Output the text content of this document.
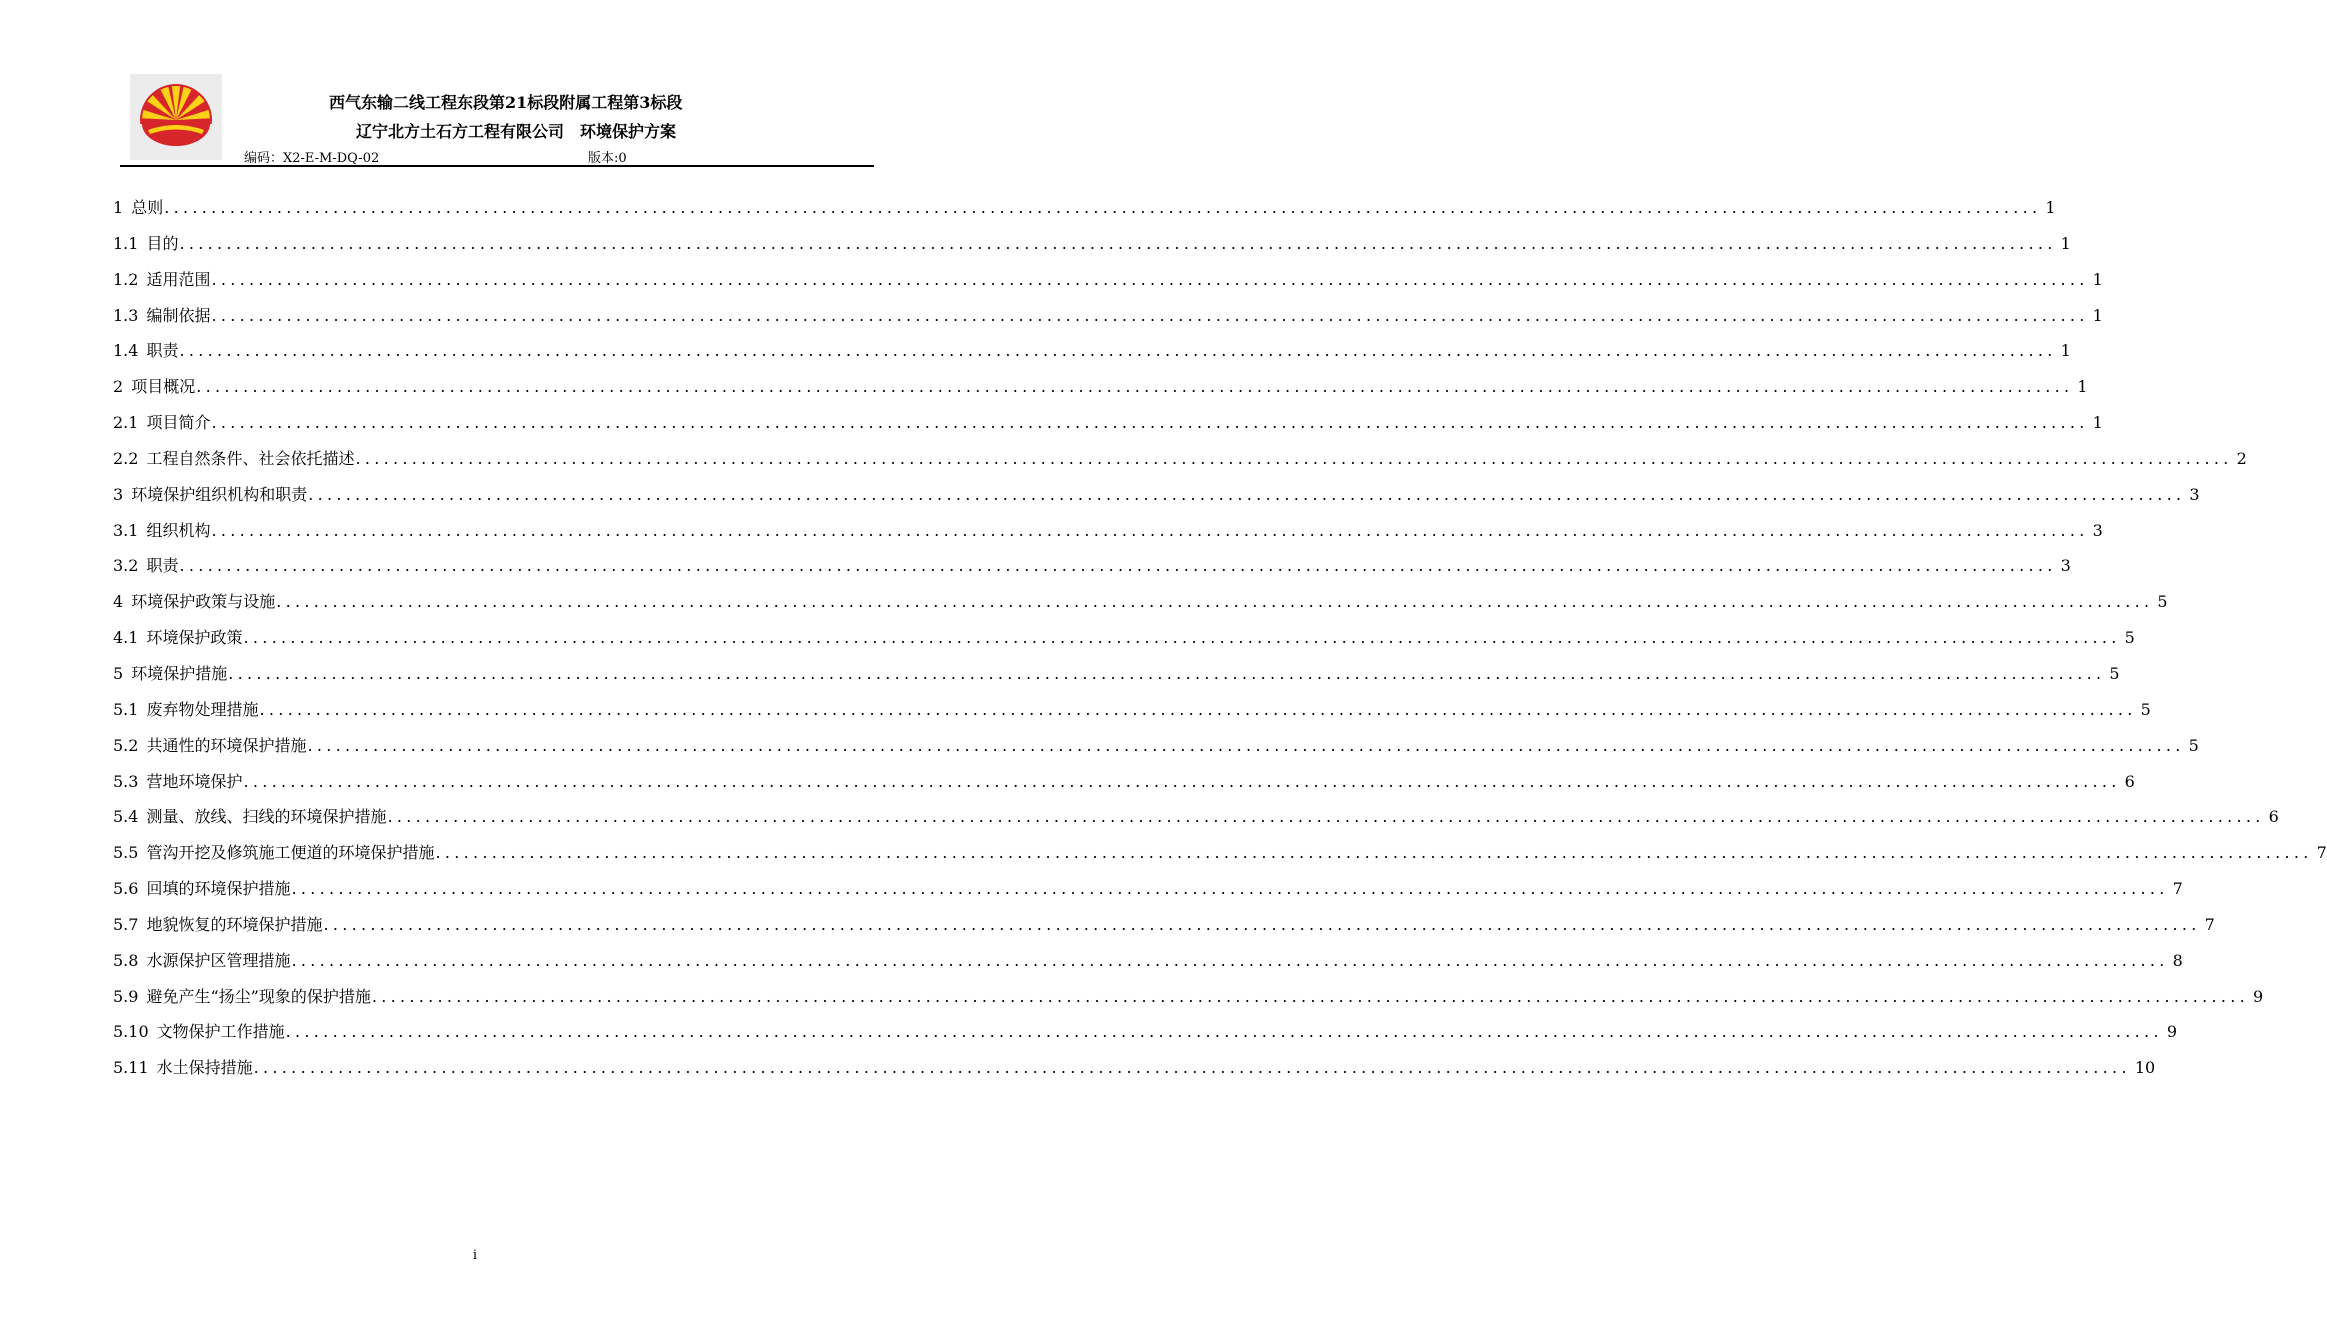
西气东输二线工程东段第21标段附属工程第3标段
辽宁北方土石方工程有限公司　环境保护方案
编码：X2-E-M-DQ-02	版本:0
1 总则 ........................................................................................................................................................................................................ 1
1.1 目的 ........................................................................................................................................................................................................ 1
1.2 适用范围 ........................................................................................................................................................................................................ 1
1.3 编制依据 ........................................................................................................................................................................................................ 1
1.4 职责 ........................................................................................................................................................................................................ 1
2 项目概况 ........................................................................................................................................................................................................ 1
2.1 项目简介 ........................................................................................................................................................................................................ 1
2.2 工程自然条件、社会依托描述 ........................................................................................................................................................................................................ 2
3 环境保护组织机构和职责 ........................................................................................................................................................................................................ 3
3.1 组织机构 ........................................................................................................................................................................................................ 3
3.2 职责 ........................................................................................................................................................................................................ 3
4 环境保护政策与设施 ........................................................................................................................................................................................................ 5
4.1 环境保护政策 ........................................................................................................................................................................................................ 5
5 环境保护措施 ........................................................................................................................................................................................................ 5
5.1 废弃物处理措施 ........................................................................................................................................................................................................ 5
5.2 共通性的环境保护措施 ........................................................................................................................................................................................................ 5
5.3 营地环境保护 ........................................................................................................................................................................................................ 6
5.4 测量、放线、扫线的环境保护措施 ........................................................................................................................................................................................................ 6
5.5 管沟开挖及修筑施工便道的环境保护措施 ........................................................................................................................................................................................................ 7
5.6 回填的环境保护措施 ........................................................................................................................................................................................................ 7
5.7 地貌恢复的环境保护措施 ........................................................................................................................................................................................................ 7
5.8 水源保护区管理措施 ........................................................................................................................................................................................................ 8
5.9 避免产生“扬尘”现象的保护措施 ........................................................................................................................................................................................................ 9
5.10 文物保护工作措施 ........................................................................................................................................................................................................ 9
5.11 水土保持措施 ........................................................................................................................................................................................................ 10
i
